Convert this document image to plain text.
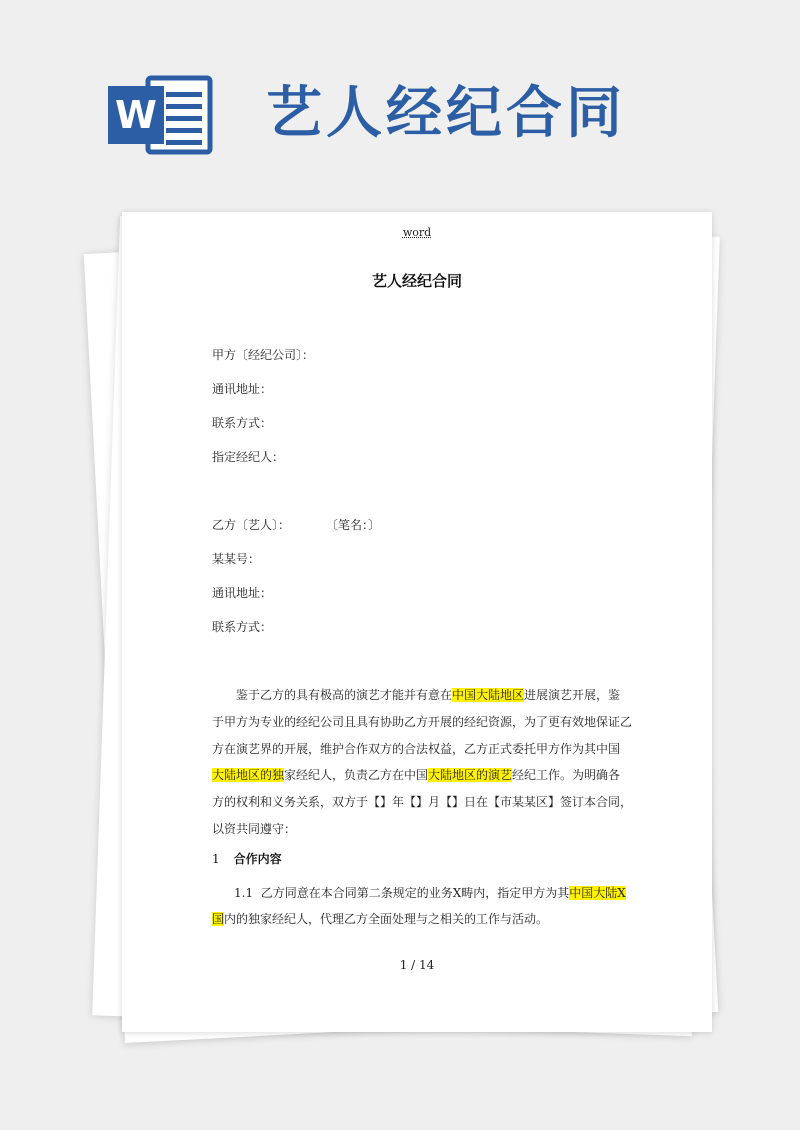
W 艺人经纪合同
word
艺人经纪合同
甲方〔经纪公司〕：
通讯地址：
联系方式：
指定经纪人：
乙方〔艺人〕：	〔笔名：〕
某某号：
通讯地址：
联系方式：
鉴于乙方的具有极高的演艺才能并有意在中国大陆地区进展演艺开展，鉴于甲方为专业的经纪公司且具有协助乙方开展的经纪资源，为了更有效地保证乙方在演艺界的开展，维护合作双方的合法权益，乙方正式委托甲方作为其中国大陆地区的独家经纪人，负责乙方在中国大陆地区的演艺经纪工作。为明确各方的权利和义务关系，双方于【】年【】月【】日在【市某某区】签订本合同，以资共同遵守：
1 合作内容
1.1 乙方同意在本合同第二条规定的业务X畴内，指定甲方为其中国大陆X国内的独家经纪人，代理乙方全面处理与之相关的工作与活动。
1 / 14
